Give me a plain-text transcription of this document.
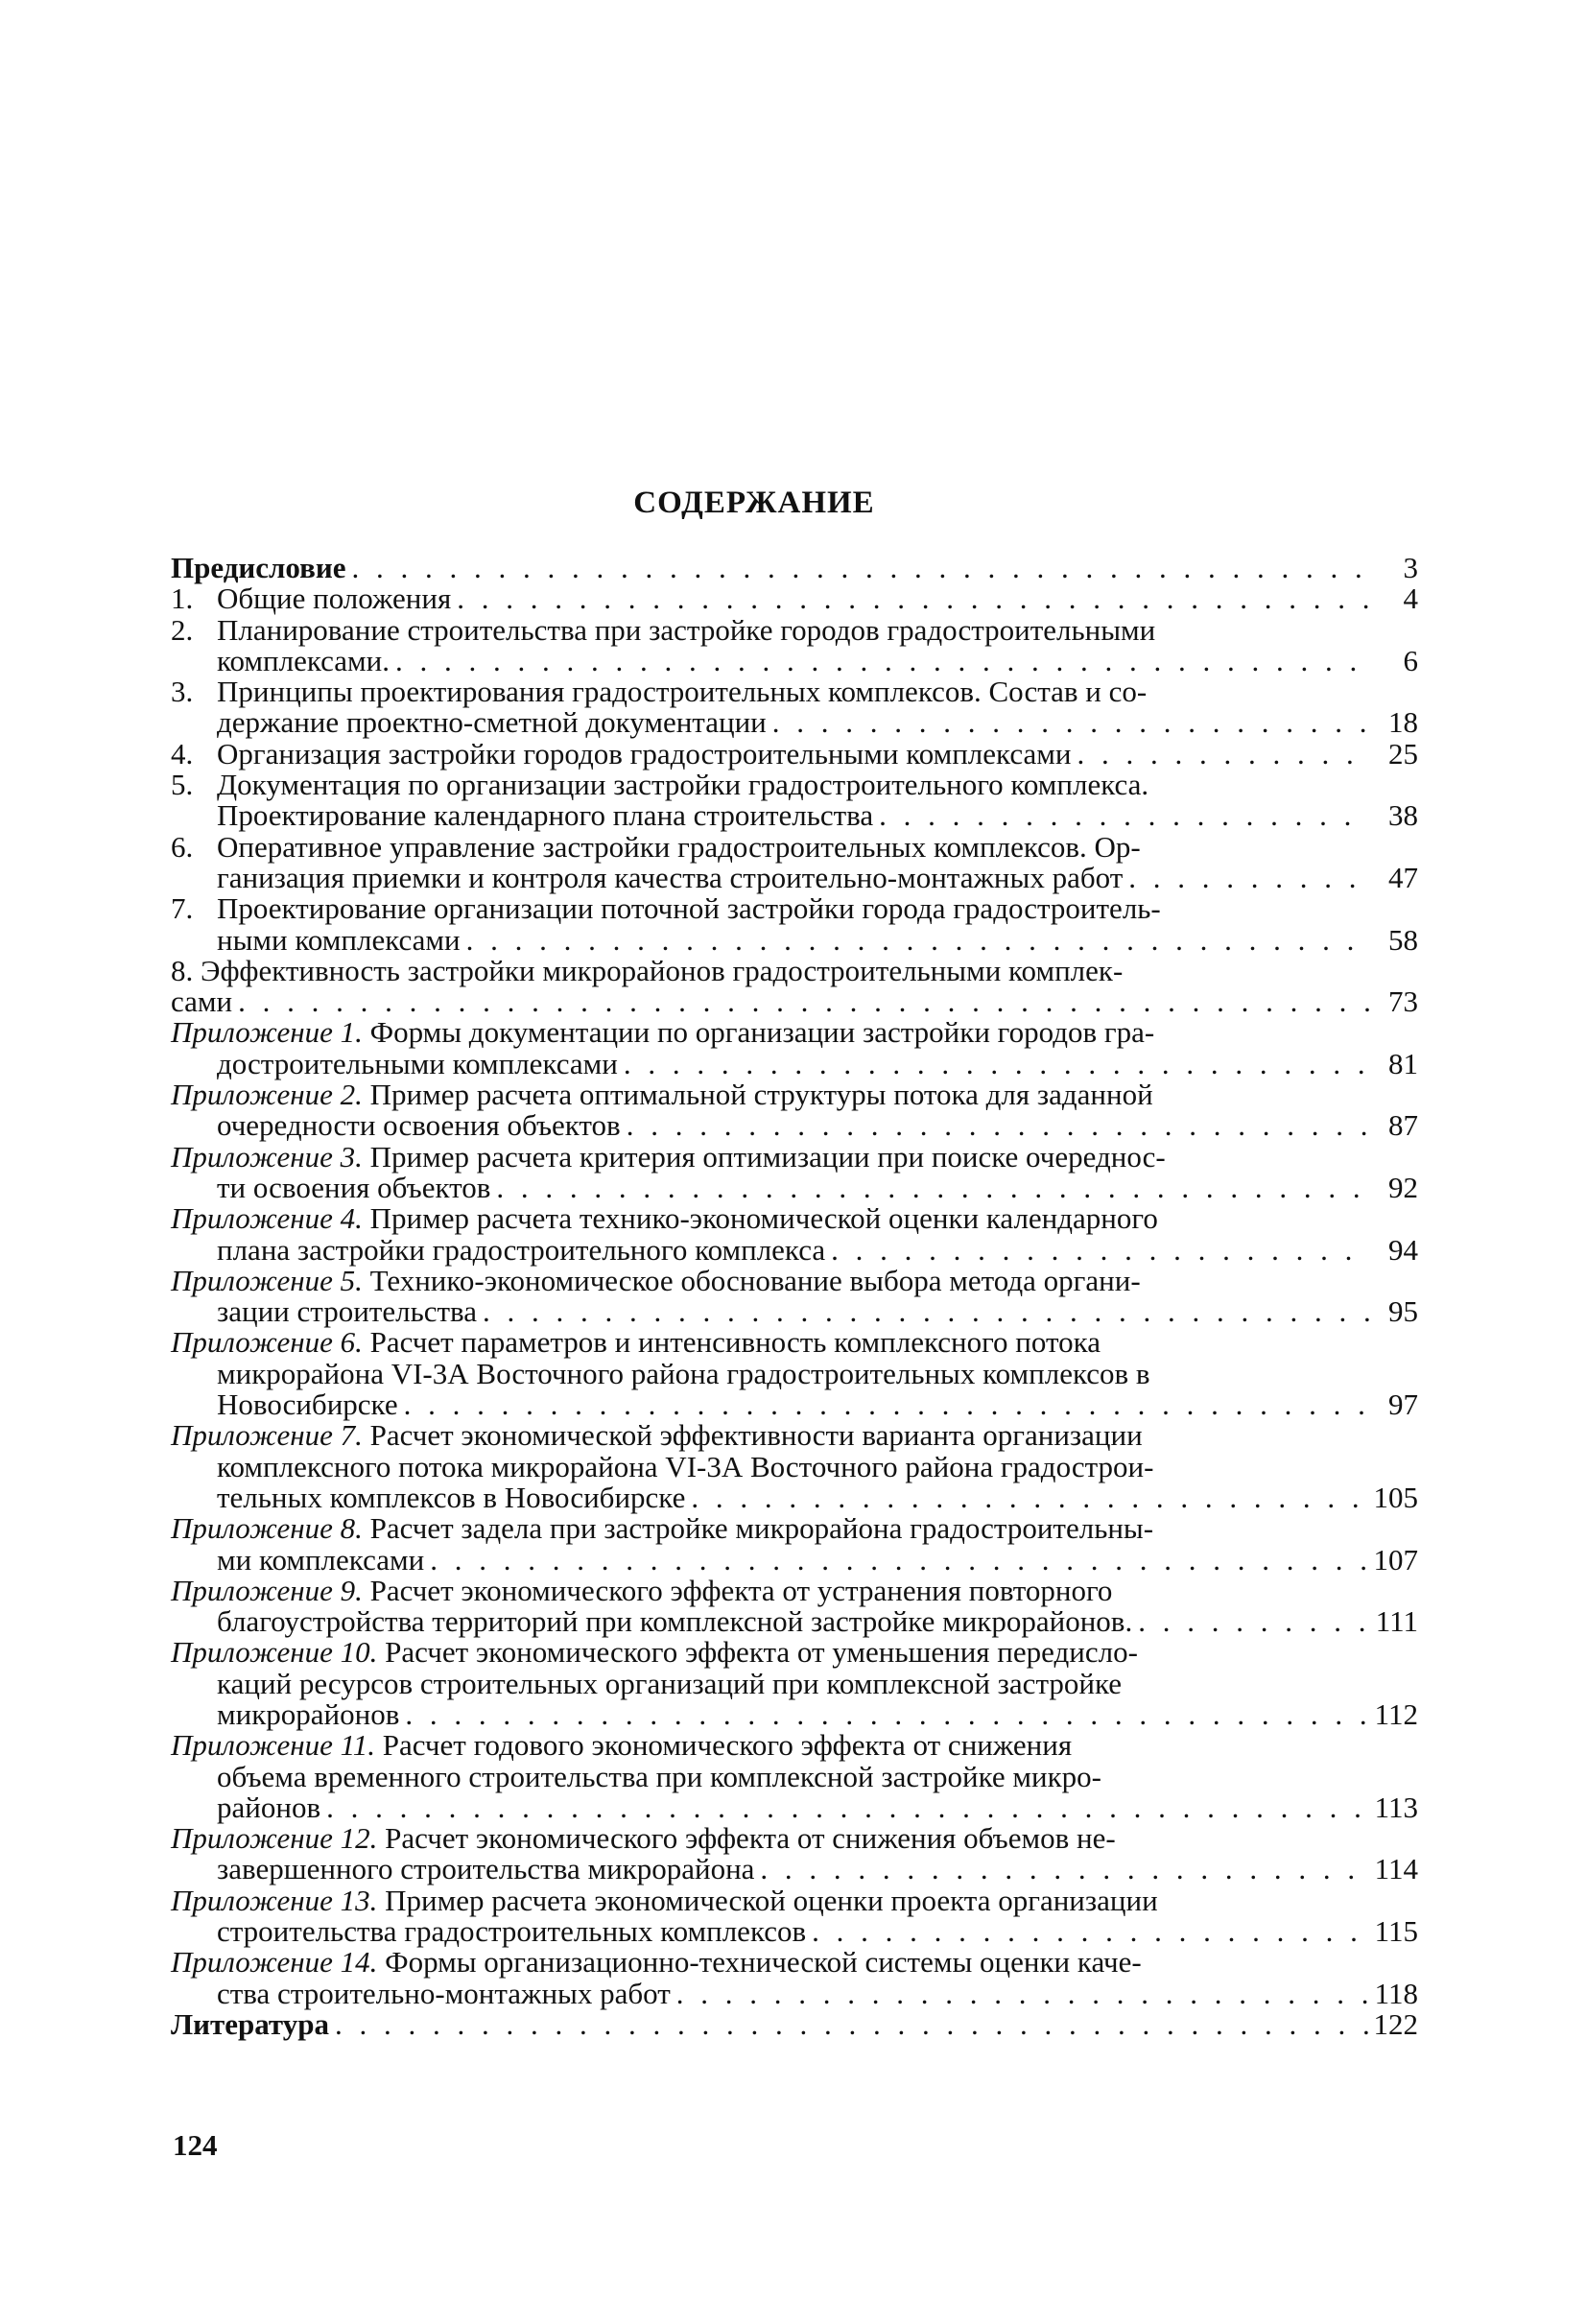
СОДЕРЖАНИЕ
Предисловие . . .	3
1. Общие положения . . .	4
2. Планирование строительства при застройке городов градостроительными
комплексами. . . .	6
3. Принципы проектирования градостроительных комплексов. Состав и со-
держание проектно-сметной документации . . .	18
4. Организация застройки городов градостроительными комплексами . . .	25
5. Документация по организации застройки градостроительного комплекса.
Проектирование календарного плана строительства . . .	38
6. Оперативное управление застройки градостроительных комплексов. Ор-
ганизация приемки и контроля качества строительно-монтажных работ . . .	47
7. Проектирование организации поточной застройки города градостроитель-
ными комплексами . . .	58
8. Эффективность застройки микрорайонов градостроительными комплек-
сами . . .	73
Приложение 1. Формы документации по организации застройки городов гра-
достроительными комплексами . . .	81
Приложение 2. Пример расчета оптимальной структуры потока для заданной
очередности освоения объектов . . .	87
Приложение 3. Пример расчета критерия оптимизации при поиске очереднос-
ти освоения объектов . . .	92
Приложение 4. Пример расчета технико-экономической оценки календарного
плана застройки градостроительного комплекса . . .	94
Приложение 5. Технико-экономическое обоснование выбора метода органи-
зации строительства . . .	95
Приложение 6. Расчет параметров и интенсивность комплексного потока
микрорайона VI-3А Восточного района градостроительных комплексов в
Новосибирске . . .	97
Приложение 7. Расчет экономической эффективности варианта организации
комплексного потока микрорайона VI-3А Восточного района градострои-
тельных комплексов в Новосибирске . . .	105
Приложение 8. Расчет задела при застройке микрорайона градостроительны-
ми комплексами . . .	107
Приложение 9. Расчет экономического эффекта от устранения повторного
благоустройства территорий при комплексной застройке микрорайонов. . . .	111
Приложение 10. Расчет экономического эффекта от уменьшения передисло-
каций ресурсов строительных организаций при комплексной застройке
микрорайонов . . .	112
Приложение 11. Расчет годового экономического эффекта от снижения
объема временного строительства при комплексной застройке микро-
районов . . .	113
Приложение 12. Расчет экономического эффекта от снижения объемов не-
завершенного строительства микрорайона . . .	114
Приложение 13. Пример расчета экономической оценки проекта организации
строительства градостроительных комплексов . . .	115
Приложение 14. Формы организационно-технической системы оценки каче-
ства строительно-монтажных работ . . .	118
Литература . . .	122
124
